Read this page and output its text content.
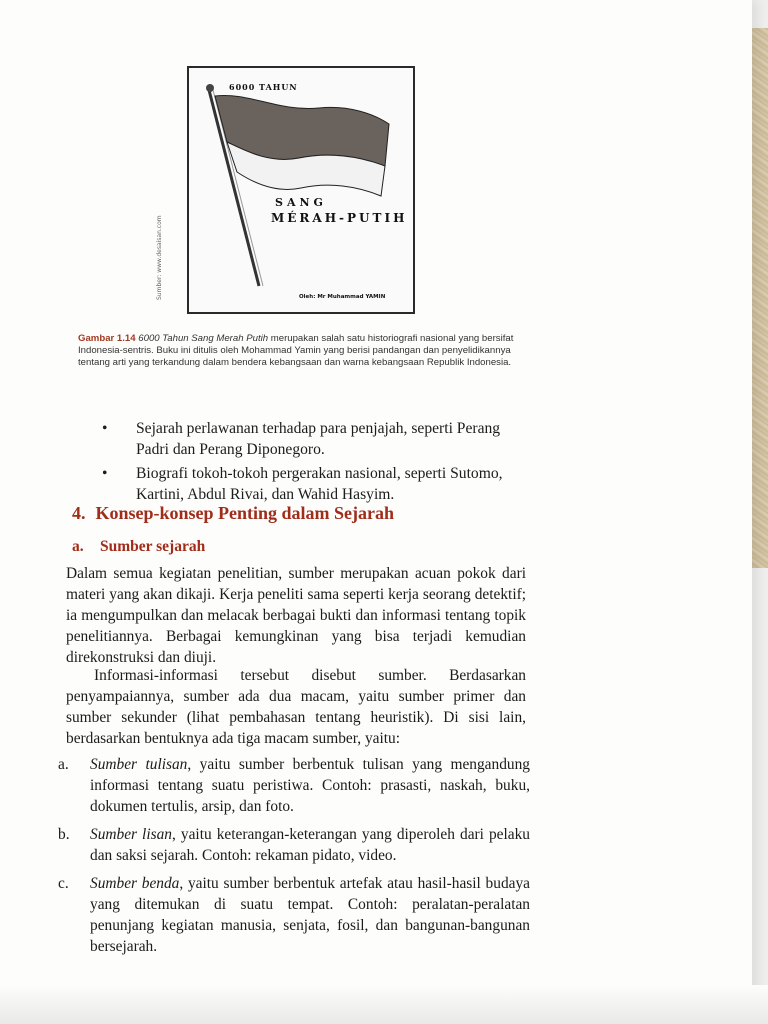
6000 TAHUN
SANG
MÉRAH-PUTIH
Oleh: Mr Muhammad YAMIN
Sumber: www.desaisan.com
Gambar 1.14 6000 Tahun Sang Merah Putih merupakan salah satu historiografi nasional yang bersifat Indonesia-sentris. Buku ini ditulis oleh Mohammad Yamin yang berisi pandangan dan penyelidikannya tentang arti yang terkandung dalam bendera kebangsaan dan warna kebangsaan Republik Indonesia.
• Sejarah perlawanan terhadap para penjajah, seperti Perang Padri dan Perang Diponegoro.
• Biografi tokoh-tokoh pergerakan nasional, seperti Sutomo, Kartini, Abdul Rivai, dan Wahid Hasyim.
4. Konsep-konsep Penting dalam Sejarah
a. Sumber sejarah

Dalam semua kegiatan penelitian, sumber merupakan acuan pokok dari materi yang akan dikaji. Kerja peneliti sama seperti kerja seorang detektif; ia mengumpulkan dan melacak berbagai bukti dan informasi tentang topik penelitiannya. Berbagai kemungkinan yang bisa terjadi kemudian direkonstruksi dan diuji.

Informasi-informasi tersebut disebut sumber. Berdasarkan penyampaiannya, sumber ada dua macam, yaitu sumber primer dan sumber sekunder (lihat pembahasan tentang heuristik). Di sisi lain, berdasarkan bentuknya ada tiga macam sumber, yaitu:

a. Sumber tulisan, yaitu sumber berbentuk tulisan yang mengandung informasi tentang suatu peristiwa. Contoh: prasasti, naskah, buku, dokumen tertulis, arsip, dan foto.
b. Sumber lisan, yaitu keterangan-keterangan yang diperoleh dari pelaku dan saksi sejarah. Contoh: rekaman pidato, video.
c. Sumber benda, yaitu sumber berbentuk artefak atau hasil-hasil budaya yang ditemukan di suatu tempat. Contoh: peralatan-peralatan penunjang kegiatan manusia, senjata, fosil, dan bangunan-bangunan bersejarah.
